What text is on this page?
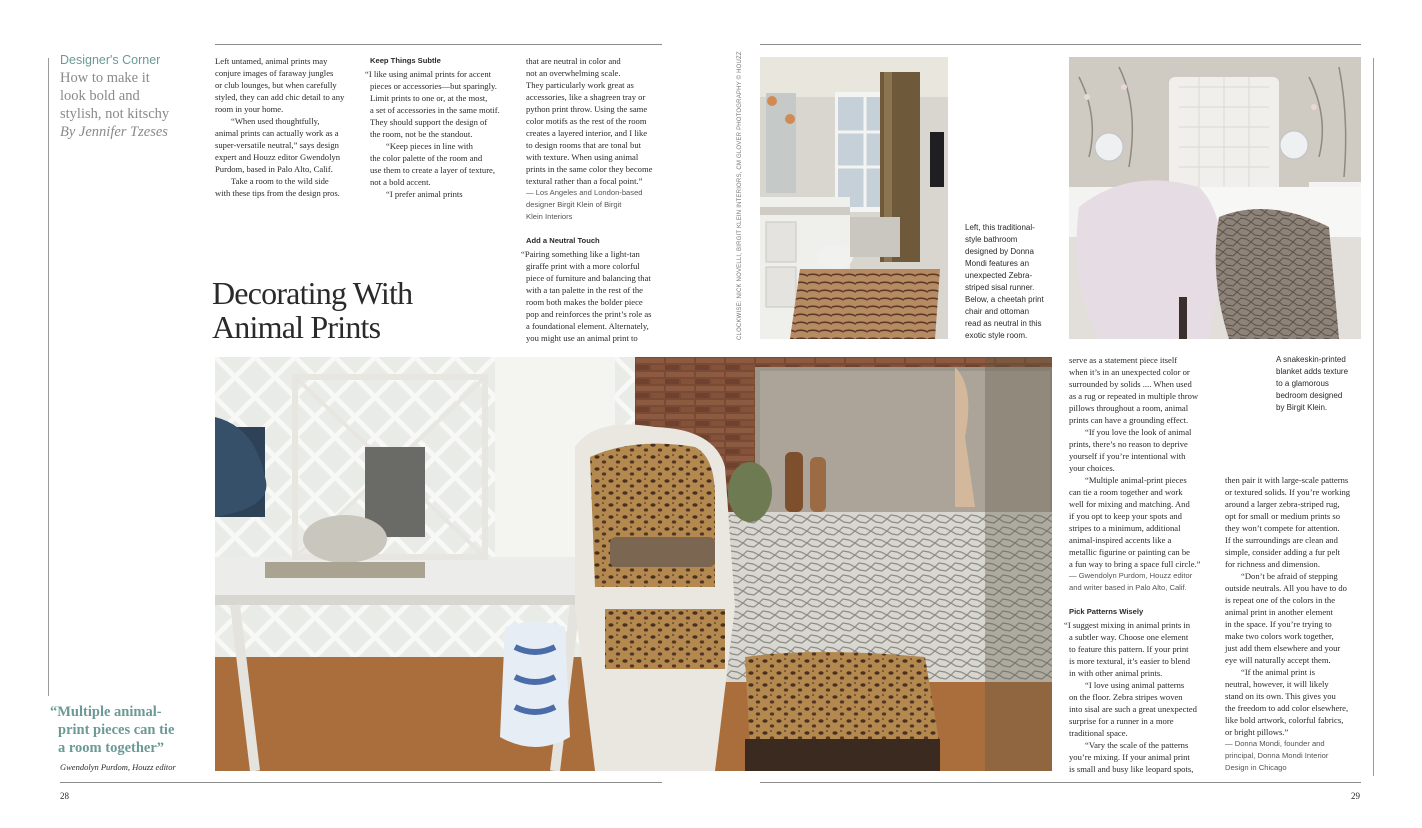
Designer's Corner
How to make it
look bold and
stylish, not kitschy
By Jennifer Tzeses

Left untamed, animal prints may

conjure images of faraway jungles

or club lounges, but when carefully

styled, they can add chic detail to any

room in your home.

“When used thoughtfully,

animal prints can actually work as a

super-versatile neutral,” says design

expert and Houzz editor Gwendolyn

Purdom, based in Palo Alto, Calif.

Take a room to the wild side

with these tips from the design pros.

Keep Things Subtle

“I like using animal prints for accent

pieces or accessories—but sparingly.

Limit prints to one or, at the most,

a set of accessories in the same motif.

They should support the design of

the room, not be the standout.

“Keep pieces in line with

the color palette of the room and

use them to create a layer of texture,

not a bold accent.

“I prefer animal prints

that are neutral in color and

not an overwhelming scale.

They particularly work great as

accessories, like a shagreen tray or

python print throw. Using the same

color motifs as the rest of the room

creates a layered interior, and I like

to design rooms that are tonal but

with texture. When using animal

prints in the same color they become

textural rather than a focal point.”

— Los Angeles and London-based
designer Birgit Klein of Birgit
Klein Interiors
Add a Neutral Touch

“Pairing something like a light-tan

giraffe print with a more colorful

piece of furniture and balancing that

with a tan palette in the rest of the

room both makes the bolder piece

pop and reinforces the print’s role as

a foundational element. Alternately,

you might use an animal print to

Decorating With
Animal Prints	CLOCKWISE: NICK NOVELLI, BIRGIT KLEIN INTERIORS, CM GLOVER PHOTOGRAPHY © HOUZZ	Left, this traditional-
style bathroom
designed by Donna
Mondi features an
unexpected Zebra-
striped sisal runner.
Below, a cheetah print
chair and ottoman
read as neutral in this
exotic style room.
A snakeskin-printed
blanket adds texture
to a glamorous
bedroom designed
by Birgit Klein.

serve as a statement piece itself

when it’s in an unexpected color or

surrounded by solids .... When used

as a rug or repeated in multiple throw

pillows throughout a room, animal

prints can have a grounding effect.

“If you love the look of animal

prints, there’s no reason to deprive

yourself if you’re intentional with

your choices.

“Multiple animal-print pieces

can tie a room together and work

well for mixing and matching. And

if you opt to keep your spots and

stripes to a minimum, additional

animal-inspired accents like a

metallic figurine or painting can be

a fun way to bring a space full circle.”

— Gwendolyn Purdom, Houzz editor
and writer based in Palo Alto, Calif.
Pick Patterns Wisely

“I suggest mixing in animal prints in

a subtler way. Choose one element

to feature this pattern. If your print

is more textural, it’s easier to blend

in with other animal prints.

“I love using animal patterns

on the floor. Zebra stripes woven

into sisal are such a great unexpected

surprise for a runner in a more

traditional space.

“Vary the scale of the patterns

you’re mixing. If your animal print

is small and busy like leopard spots,

then pair it with large-scale patterns

or textured solids. If you’re working

around a larger zebra-striped rug,

opt for small or medium prints so

they won’t compete for attention.

If the surroundings are clean and

simple, consider adding a fur pelt

for richness and dimension.

“Don’t be afraid of stepping

outside neutrals. All you have to do

is repeat one of the colors in the

animal print in another element

in the space. If you’re trying to

make two colors work together,

just add them elsewhere and your

eye will naturally accept them.

“If the animal print is

neutral, however, it will likely

stand on its own. This gives you

the freedom to add color elsewhere,

like bold artwork, colorful fabrics,

or bright pillows.”

— Donna Mondi, founder and
principal, Donna Mondi Interior
Design in Chicago
“Multiple animal-
print pieces can tie
a room together”
Gwendolyn Purdom, Houzz editor
28	29
